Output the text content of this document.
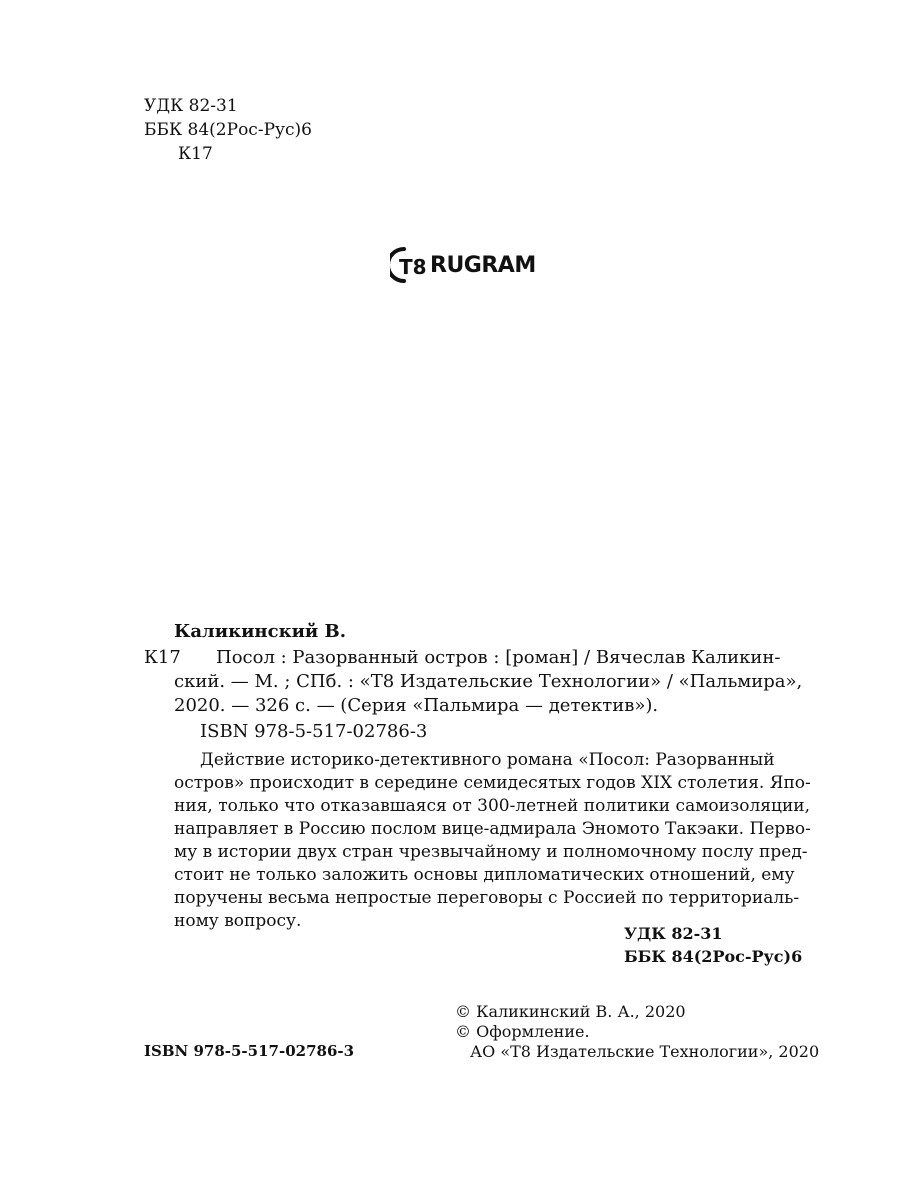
УДК 82-31
ББК 84(2Рос-Рус)6
К17
T8 RUGRAM
Каликинский В.
К17 Посол : Разорванный остров : [роман] / Вячеслав Каликин-
ский. — М. ; СПб. : «Т8 Издательские Технологии» / «Пальмира»,
2020. — 326 с. — (Серия «Пальмира — детектив»).
ISBN 978-5-517-02786-3
Действие историко-детективного романа «Посол: Разорванный
остров» происходит в середине семидесятых годов XIX столетия. Япо-
ния, только что отказавшаяся от 300-летней политики самоизоляции,
направляет в Россию послом вице-адмирала Эномото Такэаки. Перво-
му в истории двух стран чрезвычайному и полномочному послу пред-
стоит не только заложить основы дипломатических отношений, ему
поручены весьма непростые переговоры с Россией по территориаль-
ному вопросу.
УДК 82-31
ББК 84(2Рос-Рус)6
© Каликинский В. А., 2020
© Оформление.
АО «Т8 Издательские Технологии», 2020
ISBN 978-5-517-02786-3
